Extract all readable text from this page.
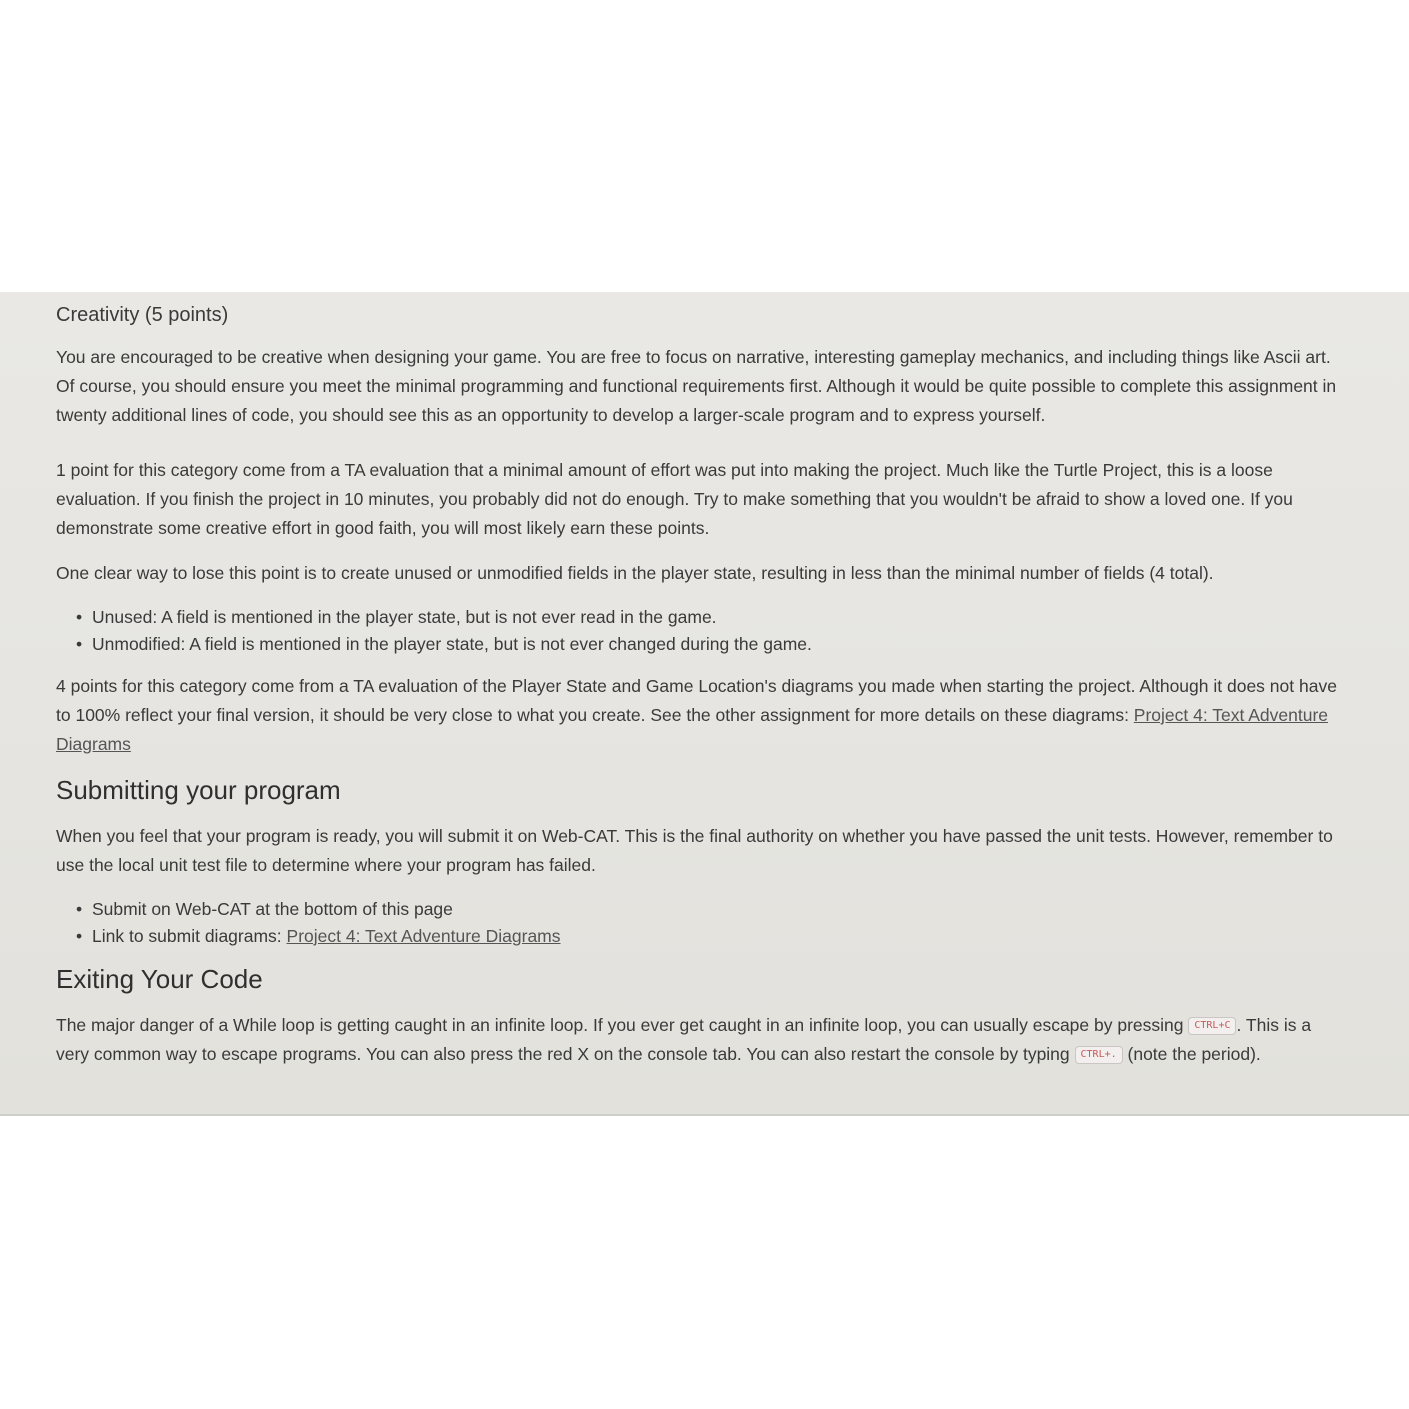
Creativity (5 points)

You are encouraged to be creative when designing your game. You are free to focus on narrative, interesting gameplay mechanics, and including things like Ascii art. Of course, you should ensure you meet the minimal programming and functional requirements first. Although it would be quite possible to complete this assignment in twenty additional lines of code, you should see this as an opportunity to develop a larger-scale program and to express yourself.

1 point for this category come from a TA evaluation that a minimal amount of effort was put into making the project. Much like the Turtle Project, this is a loose evaluation. If you finish the project in 10 minutes, you probably did not do enough. Try to make something that you wouldn't be afraid to show a loved one. If you demonstrate some creative effort in good faith, you will most likely earn these points.

One clear way to lose this point is to create unused or unmodified fields in the player state, resulting in less than the minimal number of fields (4 total).

• Unused: A field is mentioned in the player state, but is not ever read in the game.
• Unmodified: A field is mentioned in the player state, but is not ever changed during the game.

4 points for this category come from a TA evaluation of the Player State and Game Location's diagrams you made when starting the project. Although it does not have to 100% reflect your final version, it should be very close to what you create. See the other assignment for more details on these diagrams: Project 4: Text Adventure Diagrams

Submitting your program

When you feel that your program is ready, you will submit it on Web-CAT. This is the final authority on whether you have passed the unit tests. However, remember to use the local unit test file to determine where your program has failed.

• Submit on Web-CAT at the bottom of this page
• Link to submit diagrams: Project 4: Text Adventure Diagrams
Exiting Your Code

The major danger of a While loop is getting caught in an infinite loop. If you ever get caught in an infinite loop, you can usually escape by pressing CTRL+C . This is a very common way to escape programs. You can also press the red X on the console tab. You can also restart the console by typing CTRL+. (note the period).
